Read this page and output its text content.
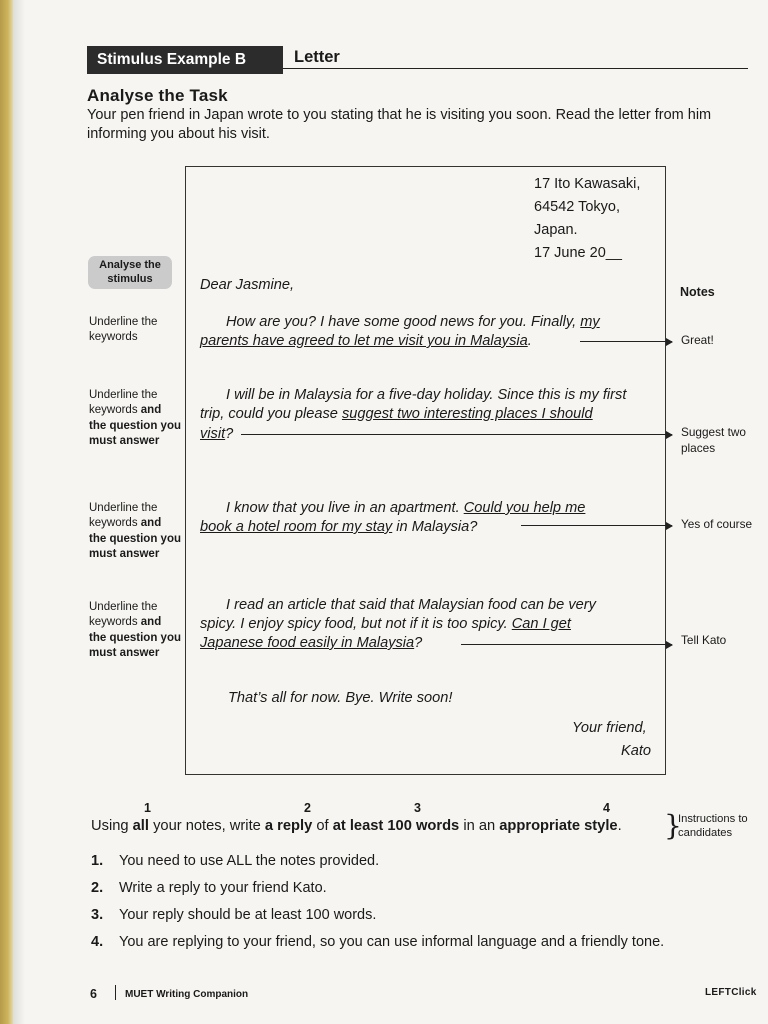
Stimulus Example B	Letter
Analyse the Task
Your pen friend in Japan wrote to you stating that he is visiting you soon. Read the letter from him informing you about his visit.
17 Ito Kawasaki,
64542 Tokyo,
Japan.
17 June 20__
Dear Jasmine,
How are you? I have some good news for you. Finally, my
parents have agreed to let me visit you in Malaysia.
I will be in Malaysia for a five-day holiday. Since this is my first
trip, could you please suggest two interesting places I should
visit?
I know that you live in an apartment. Could you help me
book a hotel room for my stay in Malaysia?
I read an article that said that Malaysian food can be very
spicy. I enjoy spicy food, but not if it is too spicy. Can I get
Japanese food easily in Malaysia?
That’s all for now. Bye. Write soon!
Your friend,
Kato
Analyse the stimulus
Underline the keywords
Underline the keywords and the question you must answer
Underline the keywords and the question you must answer
Underline the keywords and the question you must answer
Notes
Great!
Suggest two places
Yes of course
Tell Kato
1	2	3	4
Using all your notes, write a reply of at least 100 words in an appropriate style. }
Instructions to candidates
1. You need to use ALL the notes provided.
2. Write a reply to your friend Kato.
3. Your reply should be at least 100 words.
4. You are replying to your friend, so you can use informal language and a friendly tone.
6	MUET Writing Companion	LEFTClick
